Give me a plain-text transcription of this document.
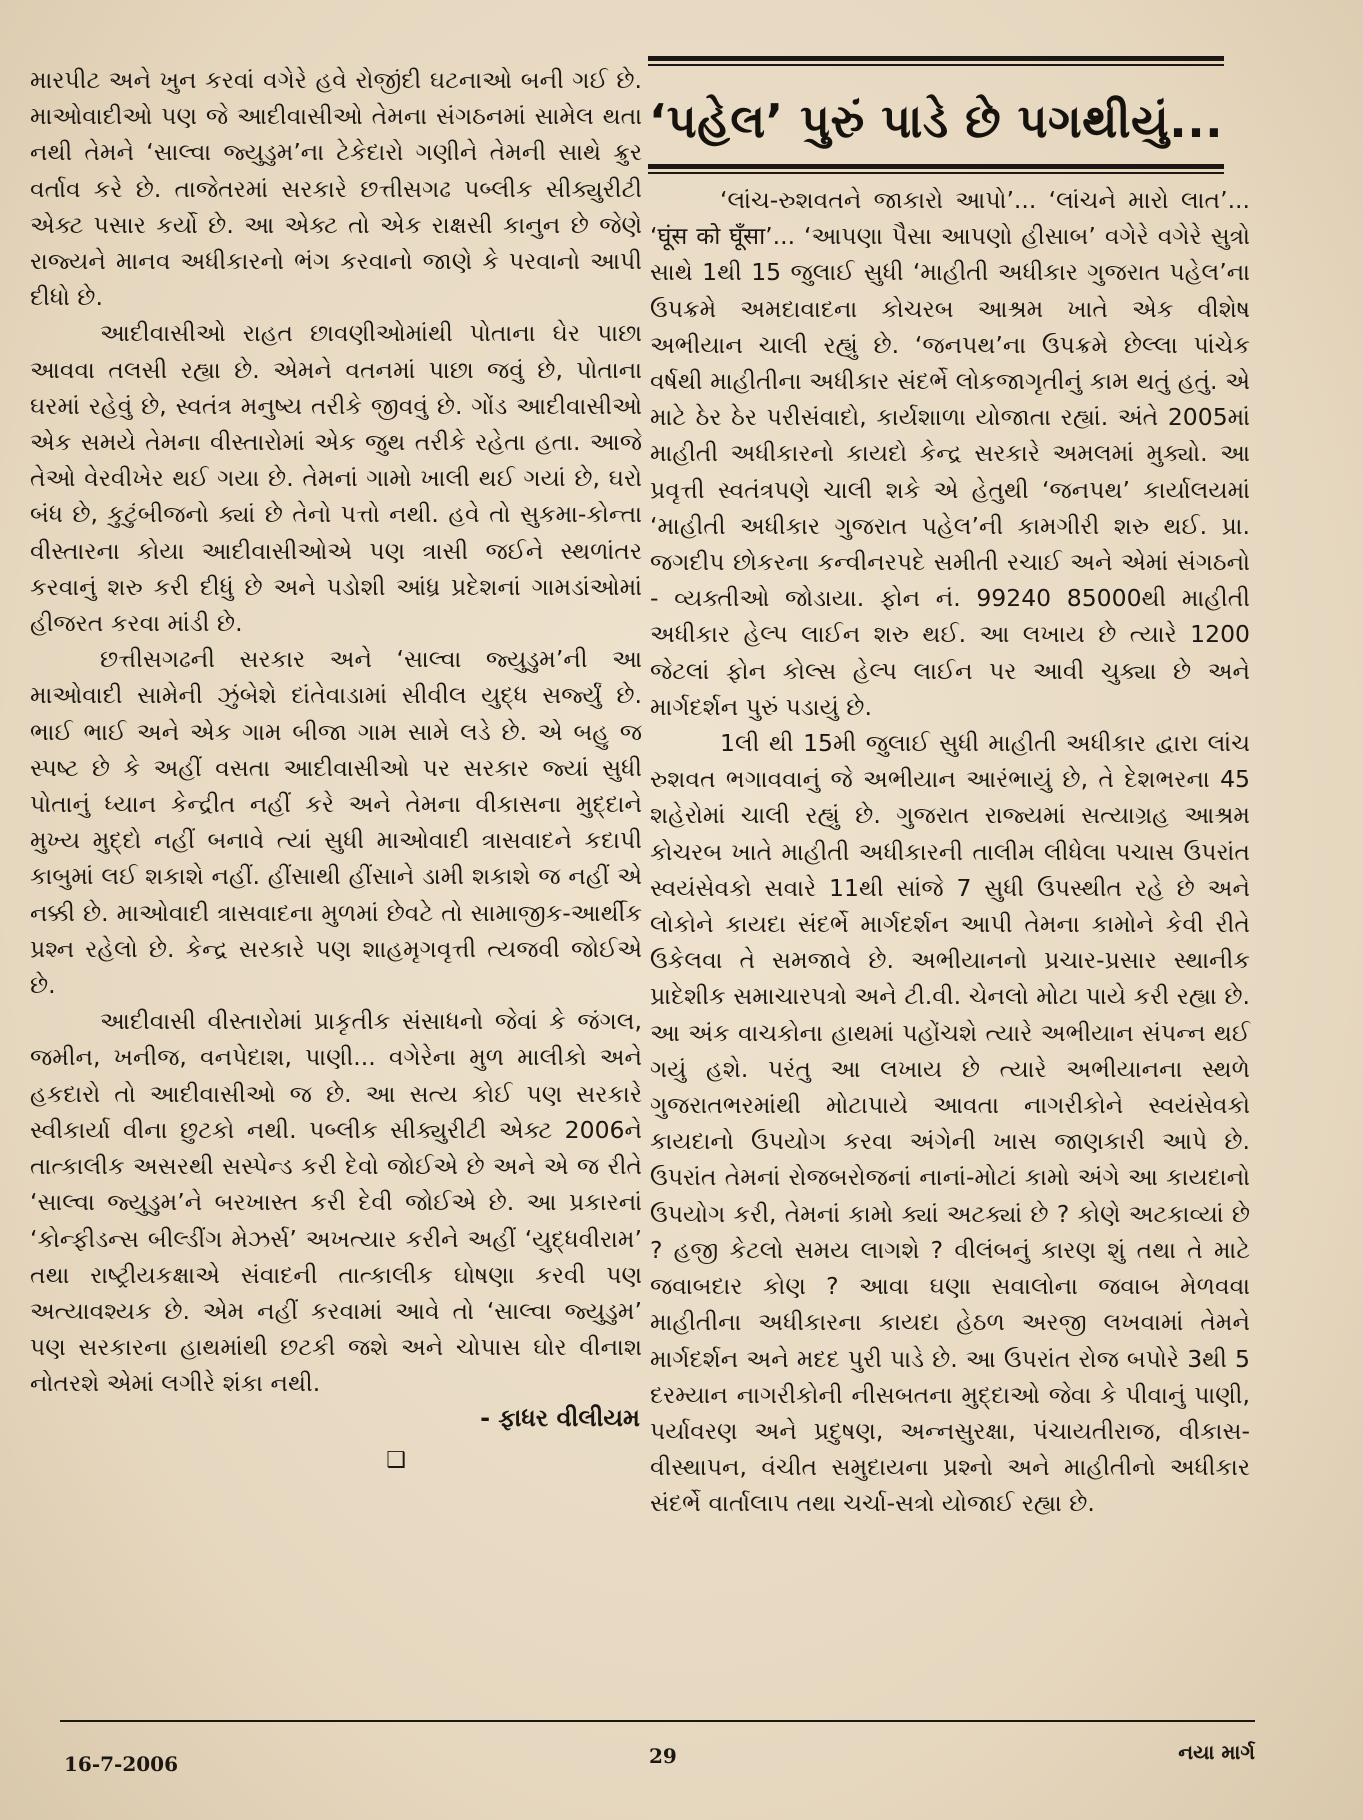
મારપીટ અને ખુન કરવાં વગેરે હવે રોજીંદી ઘટનાઓ બની ગઈ છે. માઓવાદીઓ પણ જે આદીવાસીઓ તેમના સંગઠનમાં સામેલ થતા નથી તેમને ‘સાલ્વા જ્યુડુમ’ના ટેકેદારો ગણીને તેમની સાથે ક્રુર વર્તાવ કરે છે. તાજેતરમાં સરકારે છત્તીસગઢ પબ્લીક સીક્યુરીટી એક્ટ પસાર કર્યો છે. આ એક્ટ તો એક રાક્ષસી કાનુન છે જેણે રાજ્યને માનવ અધીકારનો ભંગ કરવાનો જાણે કે પરવાનો આપી દીધો છે.

આદીવાસીઓ રાહત છાવણીઓમાંથી પોતાના ઘેર પાછા આવવા તલસી રહ્યા છે. એમને વતનમાં પાછા જવું છે, પોતાના ઘરમાં રહેવું છે, સ્વતંત્ર મનુષ્ય તરીકે જીવવું છે. ગોંડ આદીવાસીઓ એક સમયે તેમના વીસ્તારોમાં એક જુથ તરીકે રહેતા હતા. આજે તેઓ વેરવીખેર થઈ ગયા છે. તેમનાં ગામો ખાલી થઈ ગયાં છે, ઘરો બંધ છે, કુટુંબીજનો ક્યાં છે તેનો પત્તો નથી. હવે તો સુકમા-કોન્તા વીસ્તારના કોયા આદીવાસીઓએ પણ ત્રાસી જઈને સ્થળાંતર કરવાનું શરુ કરી દીધું છે અને પડોશી આંધ્ર પ્રદેશનાં ગામડાંઓમાં હીજરત કરવા માંડી છે.

છત્તીસગઢની સરકાર અને ‘સાલ્વા જ્યુડુમ’ની આ માઓવાદી સામેની ઝુંબેશે દાંતેવાડામાં સીવીલ યુદ્ધ સર્જ્યું છે. ભાઈ ભાઈ અને એક ગામ બીજા ગામ સામે લડે છે. એ બહુ જ સ્પષ્ટ છે કે અહીં વસતા આદીવાસીઓ પર સરકાર જ્યાં સુધી પોતાનું ધ્યાન કેન્દ્રીત નહીં કરે અને તેમના વીકાસના મુદ્દાને મુખ્ય મુદ્દો નહીં બનાવે ત્યાં સુધી માઓવાદી ત્રાસવાદને કદાપી કાબુમાં લઈ શકાશે નહીં. હીંસાથી હીંસાને ડામી શકાશે જ નહીં એ નક્કી છે. માઓવાદી ત્રાસવાદના મુળમાં છેવટે તો સામાજીક-આર્થીક પ્રશ્ન રહેલો છે. કેન્દ્ર સરકારે પણ શાહમૃગવૃત્તી ત્યજવી જોઈએ છે.

આદીવાસી વીસ્તારોમાં પ્રાકૃતીક સંસાધનો જેવાં કે જંગલ, જમીન, ખનીજ, વનપેદાશ, પાણી... વગેરેના મુળ માલીકો અને હકદારો તો આદીવાસીઓ જ છે. આ સત્ય કોઈ પણ સરકારે સ્વીકાર્યા વીના છુટકો નથી. પબ્લીક સીક્યુરીટી એક્ટ 2006ને તાત્કાલીક અસરથી સસ્પેન્ડ કરી દેવો જોઈએ છે અને એ જ રીતે ‘સાલ્વા જ્યુડુમ’ને બરખાસ્ત કરી દેવી જોઈએ છે. આ પ્રકારનાં ‘કોન્ફીડન્સ બીલ્ડીંગ મેઝર્સ’ અખત્યાર કરીને અહીં ‘યુદ્ધવીરામ’ તથા રાષ્ટ્રીયકક્ષાએ સંવાદની તાત્કાલીક ઘોષણા કરવી પણ અત્યાવશ્યક છે. એમ નહીં કરવામાં આવે તો ‘સાલ્વા જ્યુડુમ’ પણ સરકારના હાથમાંથી છટકી જશે અને ચોપાસ ઘોર વીનાશ નોતરશે એમાં લગીરે શંકા નથી.

- ફાધર વીલીયમ
❑
‘પહેલ’ પુરું પાડે છે પગથીયું...

‘લાંચ-રુશવતને જાકારો આપો’... ‘લાંચને મારો લાત’... ‘घूंस को घूँसा’... ‘આપણા પૈસા આપણો હીસાબ’ વગેરે વગેરે સુત્રો સાથે 1થી 15 જુલાઈ સુધી ‘માહીતી અધીકાર ગુજરાત પહેલ’ના ઉપક્રમે અમદાવાદના કોચરબ આશ્રમ ખાતે એક વીશેષ અભીયાન ચાલી રહ્યું છે. ‘જનપથ’ના ઉપક્રમે છેલ્લા પાંચેક વર્ષથી માહીતીના અધીકાર સંદર્ભે લોકજાગૃતીનું કામ થતું હતું. એ માટે ઠેર ઠેર પરીસંવાદો, કાર્યશાળા યોજાતા રહ્યાં. અંતે 2005માં માહીતી અધીકારનો કાયદો કેન્દ્ર સરકારે અમલમાં મુક્યો. આ પ્રવૃત્તી સ્વતંત્રપણે ચાલી શકે એ હેતુથી ‘જનપથ’ કાર્યાલયમાં ‘માહીતી અધીકાર ગુજરાત પહેલ’ની કામગીરી શરુ થઈ. પ્રા. જગદીપ છોકરના કન્વીનરપદે સમીતી રચાઈ અને એમાં સંગઠનો - વ્યક્તીઓ જોડાયા. ફોન નં. 99240 85000થી માહીતી અધીકાર હેલ્પ લાઈન શરુ થઈ. આ લખાય છે ત્યારે 1200 જેટલાં ફોન કોલ્સ હેલ્પ લાઈન પર આવી ચુક્યા છે અને માર્ગદર્શન પુરું પડાયું છે.

1લી થી 15મી જુલાઈ સુધી માહીતી અધીકાર દ્વારા લાંચ રુશવત ભગાવવાનું જે અભીયાન આરંભાયું છે, તે દેશભરના 45 શહેરોમાં ચાલી રહ્યું છે. ગુજરાત રાજ્યમાં સત્યાગ્રહ આશ્રમ કોચરબ ખાતે માહીતી અધીકારની તાલીમ લીધેલા પચાસ ઉપરાંત સ્વયંસેવકો સવારે 11થી સાંજે 7 સુધી ઉપસ્થીત રહે છે અને લોકોને કાયદા સંદર્ભે માર્ગદર્શન આપી તેમના કામોને કેવી રીતે ઉકેલવા તે સમજાવે છે. અભીયાનનો પ્રચાર-પ્રસાર સ્થાનીક પ્રાદેશીક સમાચારપત્રો અને ટી.વી. ચેનલો મોટા પાયે કરી રહ્યા છે. આ અંક વાચકોના હાથમાં પહોંચશે ત્યારે અભીયાન સંપન્ન થઈ ગયું હશે. પરંતુ આ લખાય છે ત્યારે અભીયાનના સ્થળે ગુજરાતભરમાંથી મોટાપાયે આવતા નાગરીકોને સ્વયંસેવકો કાયદાનો ઉપયોગ કરવા અંગેની ખાસ જાણકારી આપે છે. ઉપરાંત તેમનાં રોજબરોજનાં નાનાં-મોટાં કામો અંગે આ કાયદાનો ઉપયોગ કરી, તેમનાં કામો ક્યાં અટક્યાં છે ? કોણે અટકાવ્યાં છે ? હજી કેટલો સમય લાગશે ? વીલંબનું કારણ શું તથા તે માટે જવાબદાર કોણ ? આવા ઘણા સવાલોના જવાબ મેળવવા માહીતીના અધીકારના કાયદા હેઠળ અરજી લખવામાં તેમને માર્ગદર્શન અને મદદ પુરી પાડે છે. આ ઉપરાંત રોજ બપોરે 3થી 5 દરમ્યાન નાગરીકોની નીસબતના મુદ્દાઓ જેવા કે પીવાનું પાણી, પર્યાવરણ અને પ્રદુષણ, અન્નસુરક્ષા, પંચાયતીરાજ, વીકાસ-વીસ્થાપન, વંચીત સમુદાયના પ્રશ્નો અને માહીતીનો અધીકાર સંદર્ભે વાર્તાલાપ તથા ચર્ચા-સત્રો યોજાઈ રહ્યા છે.

16-7-2006	29	નયા માર્ગ
